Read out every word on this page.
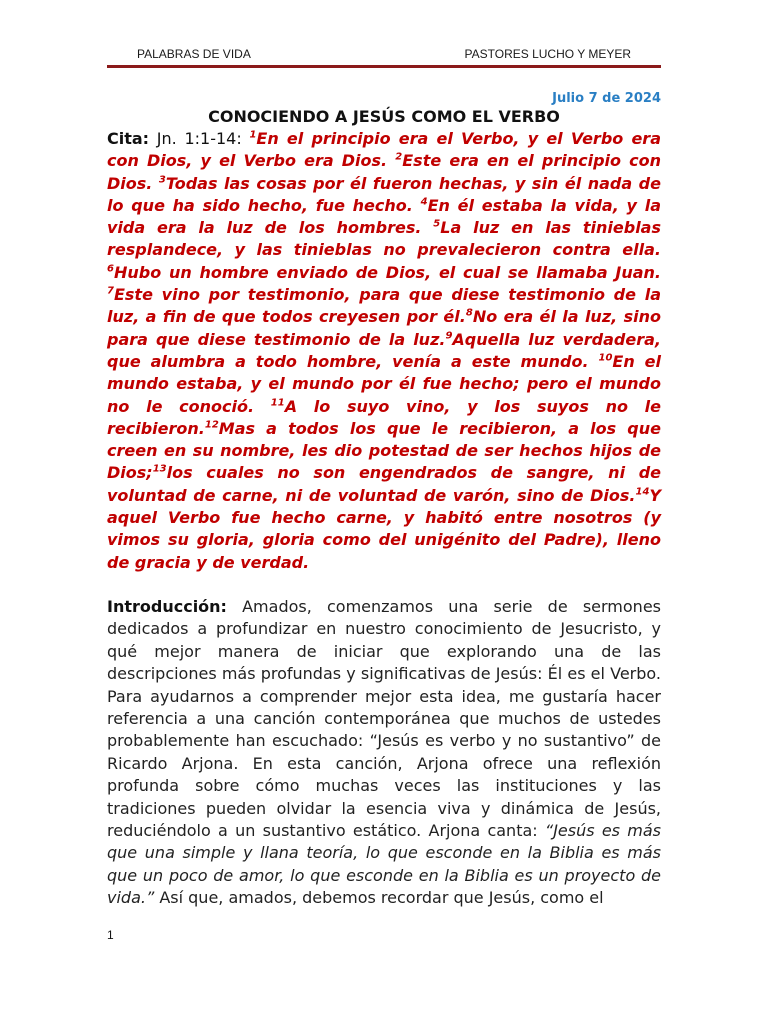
PALABRAS DE VIDA	PASTORES LUCHO Y MEYER
Julio 7 de 2024
CONOCIENDO A JESÚS COMO EL VERBO

Cita: Jn. 1:1-14: $^1$En el principio era el Verbo, y el Verbo era con Dios, y el Verbo era Dios. $^2$Este era en el principio con Dios. $^3$Todas las cosas por él fueron hechas, y sin él nada de lo que ha sido hecho, fue hecho. $^4$En él estaba la vida, y la vida era la luz de los hombres. $^5$La luz en las tinieblas resplandece, y las tinieblas no prevalecieron contra ella. $^6$Hubo un hombre enviado de Dios, el cual se llamaba Juan. $^7$Este vino por testimonio, para que diese testimonio de la luz, a fin de que todos creyesen por él.$^8$No era él la luz, sino para que diese testimonio de la luz.$^9$Aquella luz verdadera, que alumbra a todo hombre, venía a este mundo. $^{10}$En el mundo estaba, y el mundo por él fue hecho; pero el mundo no le conoció. $^{11}$A lo suyo vino, y los suyos no le recibieron.$^{12}$Mas a todos los que le recibieron, a los que creen en su nombre, les dio potestad de ser hechos hijos de Dios;$^{13}$los cuales no son engendrados de sangre, ni de voluntad de carne, ni de voluntad de varón, sino de Dios.$^{14}$Y aquel Verbo fue hecho carne, y habitó entre nosotros (y vimos su gloria, gloria como del unigénito del Padre), lleno de gracia y de verdad.

Introducción: Amados, comenzamos una serie de sermones dedicados a profundizar en nuestro conocimiento de Jesucristo, y qué mejor manera de iniciar que explorando una de las descripciones más profundas y significativas de Jesús: Él es el Verbo. Para ayudarnos a comprender mejor esta idea, me gustaría hacer referencia a una canción contemporánea que muchos de ustedes probablemente han escuchado: “Jesús es verbo y no sustantivo” de Ricardo Arjona. En esta canción, Arjona ofrece una reflexión profunda sobre cómo muchas veces las instituciones y las tradiciones pueden olvidar la esencia viva y dinámica de Jesús, reduciéndolo a un sustantivo estático. Arjona canta: “Jesús es más que una simple y llana teoría, lo que esconde en la Biblia es más que un poco de amor, lo que esconde en la Biblia es un proyecto de vida.” Así que, amados, debemos recordar que Jesús, como el

1
